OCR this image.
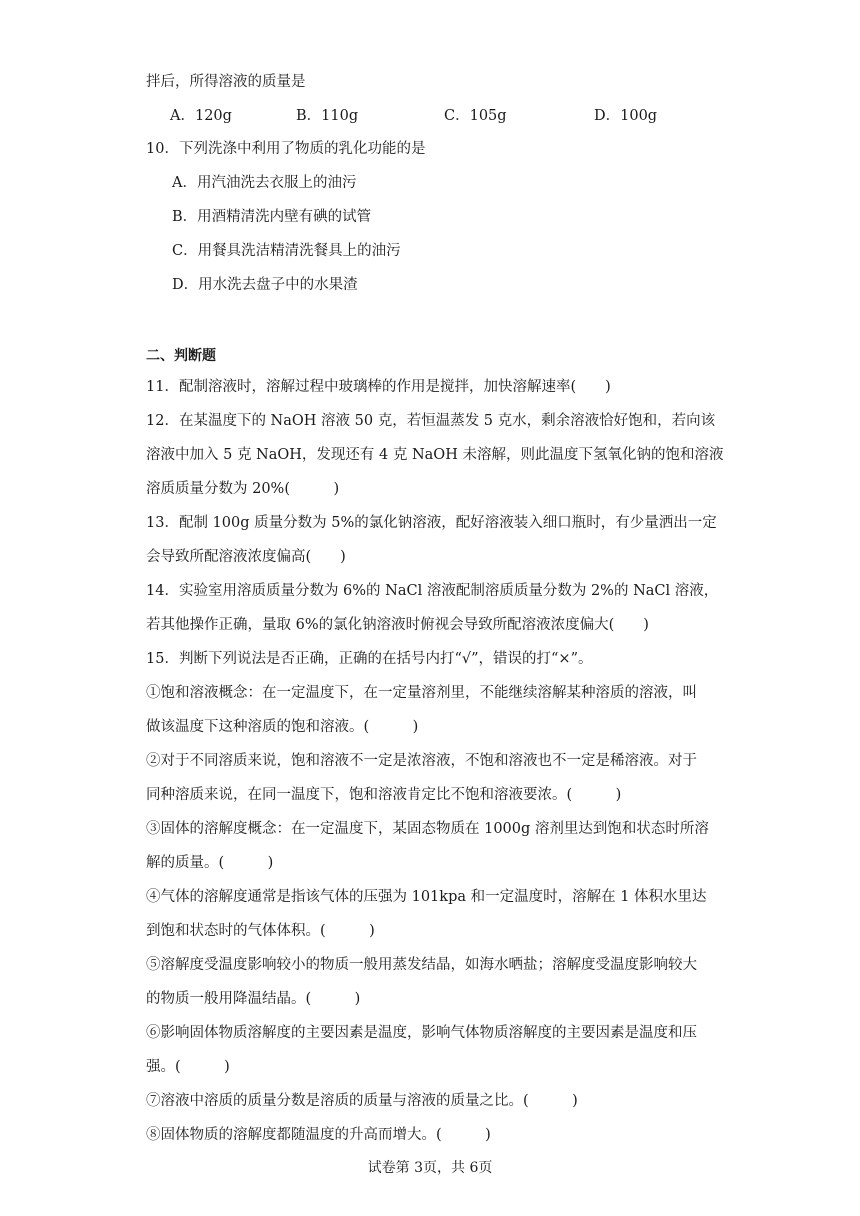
拌后，所得溶液的质量是
A．120g	B．110g	C．105g	D．100g
10．下列洗涤中利用了物质的乳化功能的是
A．用汽油洗去衣服上的油污
B．用酒精清洗内壁有碘的试管
C．用餐具洗洁精清洗餐具上的油污
D．用水洗去盘子中的水果渣
二、判断题
11．配制溶液时，溶解过程中玻璃棒的作用是搅拌，加快溶解速率(　　)
12．在某温度下的 NaOH 溶液 50 克，若恒温蒸发 5 克水，剩余溶液恰好饱和，若向该
溶液中加入 5 克 NaOH，发现还有 4 克 NaOH 未溶解，则此温度下氢氧化钠的饱和溶液
溶质质量分数为 20%(　　　)
13．配制 100g 质量分数为 5%的氯化钠溶液，配好溶液装入细口瓶时，有少量洒出一定
会导致所配溶液浓度偏高(　　)
14．实验室用溶质质量分数为 6%的 NaCl 溶液配制溶质质量分数为 2%的 NaCl 溶液，
若其他操作正确，量取 6%的氯化钠溶液时俯视会导致所配溶液浓度偏大(　　)
15．判断下列说法是否正确，正确的在括号内打“√”，错误的打“×”。
①饱和溶液概念：在一定温度下，在一定量溶剂里，不能继续溶解某种溶质的溶液，叫
做该温度下这种溶质的饱和溶液。(　　　)
②对于不同溶质来说，饱和溶液不一定是浓溶液，不饱和溶液也不一定是稀溶液。对于
同种溶质来说，在同一温度下，饱和溶液肯定比不饱和溶液要浓。(　　　)
③固体的溶解度概念：在一定温度下，某固态物质在 1000g 溶剂里达到饱和状态时所溶
解的质量。(　　　)
④气体的溶解度通常是指该气体的压强为 101kpa 和一定温度时，溶解在 1 体积水里达
到饱和状态时的气体体积。(　　　)
⑤溶解度受温度影响较小的物质一般用蒸发结晶，如海水晒盐；溶解度受温度影响较大
的物质一般用降温结晶。(　　　)
⑥影响固体物质溶解度的主要因素是温度，影响气体物质溶解度的主要因素是温度和压
强。(　　　)
⑦溶液中溶质的质量分数是溶质的质量与溶液的质量之比。(　　　)
⑧固体物质的溶解度都随温度的升高而增大。(　　　)
试卷第 3页，共 6页
